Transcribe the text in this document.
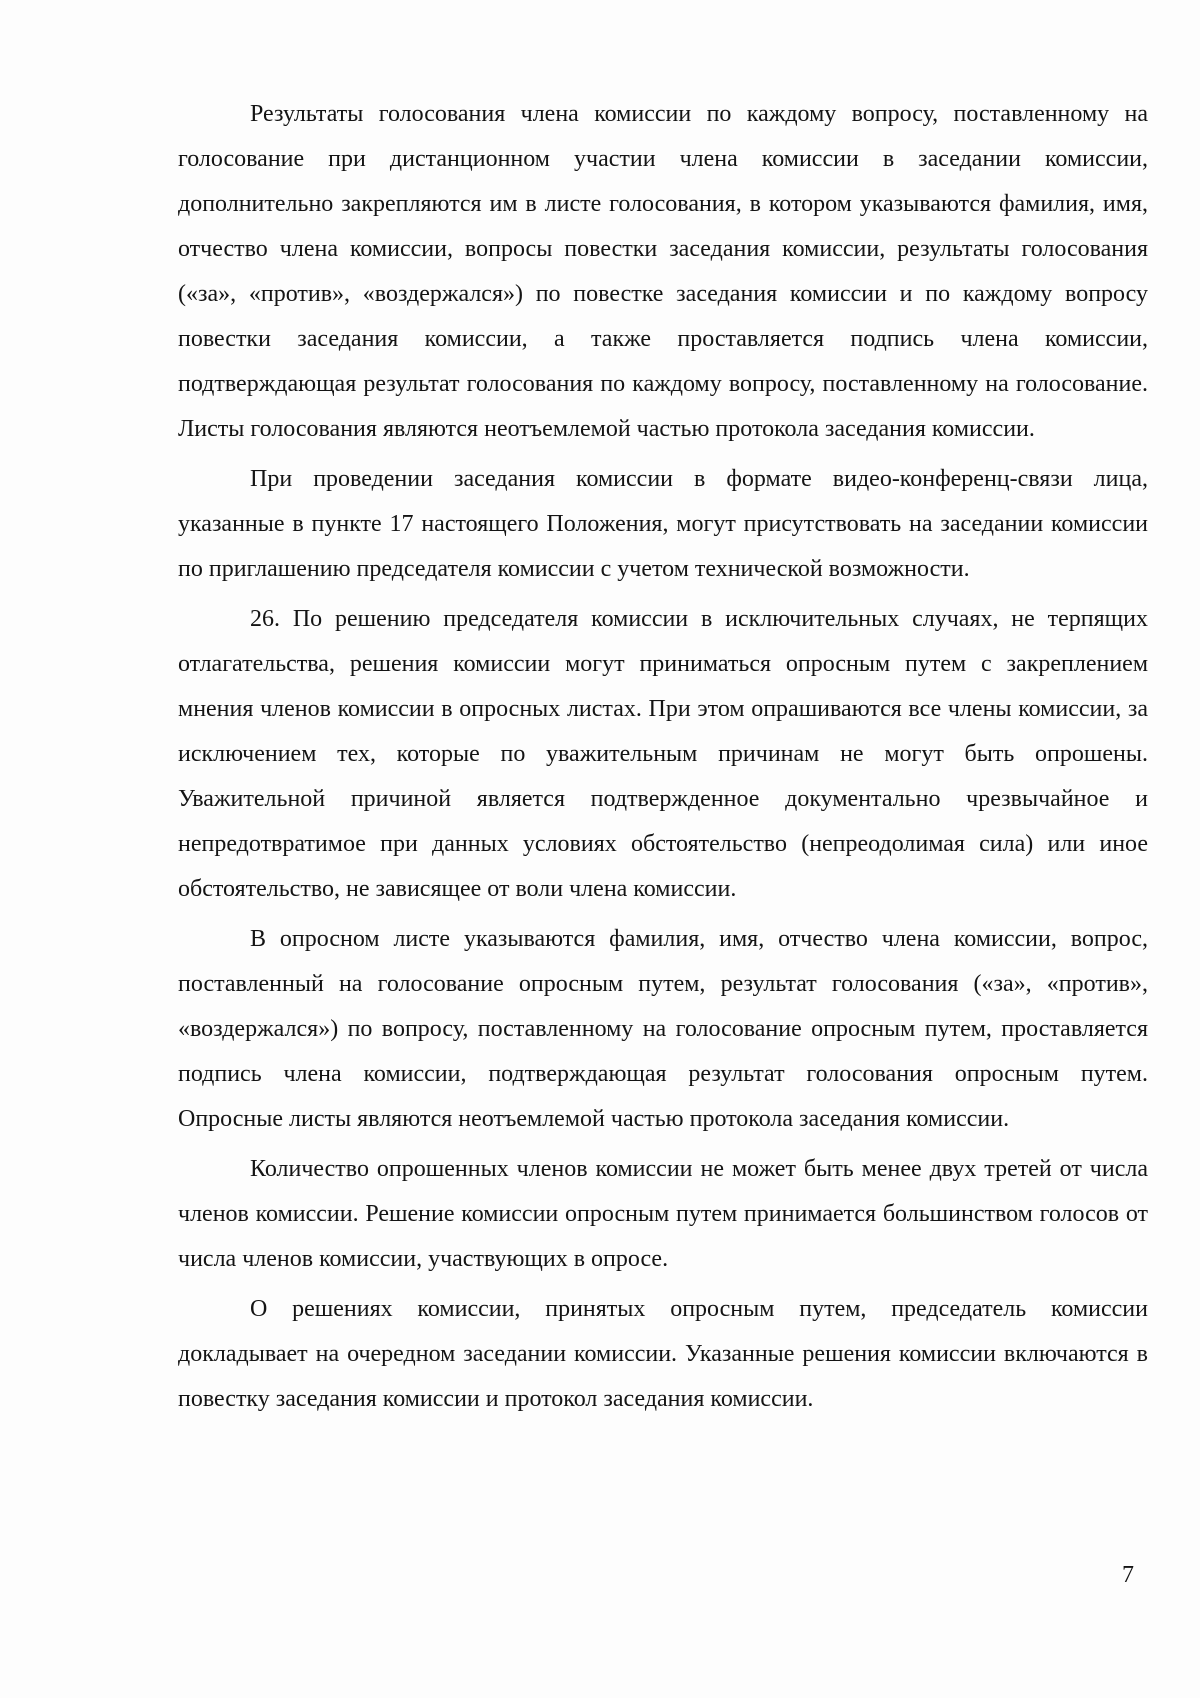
Результаты голосования члена комиссии по каждому вопросу, поставленному на голосование при дистанционном участии члена комиссии в заседании комиссии, дополнительно закрепляются им в листе голосования, в котором указываются фамилия, имя, отчество члена комиссии, вопросы повестки заседания комиссии, результаты голосования («за», «против», «воздержался») по повестке заседания комиссии и по каждому вопросу повестки заседания комиссии, а также проставляется подпись члена комиссии, подтверждающая результат голосования по каждому вопросу, поставленному на голосование. Листы голосования являются неотъемлемой частью протокола заседания комиссии.

При проведении заседания комиссии в формате видео-конференц-связи лица, указанные в пункте 17 настоящего Положения, могут присутствовать на заседании комиссии по приглашению председателя комиссии с учетом технической возможности.

26. По решению председателя комиссии в исключительных случаях, не терпящих отлагательства, решения комиссии могут приниматься опросным путем с закреплением мнения членов комиссии в опросных листах. При этом опрашиваются все члены комиссии, за исключением тех, которые по уважительным причинам не могут быть опрошены. Уважительной причиной является подтвержденное документально чрезвычайное и непредотвратимое при данных условиях обстоятельство (непреодолимая сила) или иное обстоятельство, не зависящее от воли члена комиссии.

В опросном листе указываются фамилия, имя, отчество члена комиссии, вопрос, поставленный на голосование опросным путем, результат голосования («за», «против», «воздержался») по вопросу, поставленному на голосование опросным путем, проставляется подпись члена комиссии, подтверждающая результат голосования опросным путем. Опросные листы являются неотъемлемой частью протокола заседания комиссии.

Количество опрошенных членов комиссии не может быть менее двух третей от числа членов комиссии. Решение комиссии опросным путем принимается большинством голосов от числа членов комиссии, участвующих в опросе.

О решениях комиссии, принятых опросным путем, председатель комиссии докладывает на очередном заседании комиссии. Указанные решения комиссии включаются в повестку заседания комиссии и протокол заседания комиссии.

7
